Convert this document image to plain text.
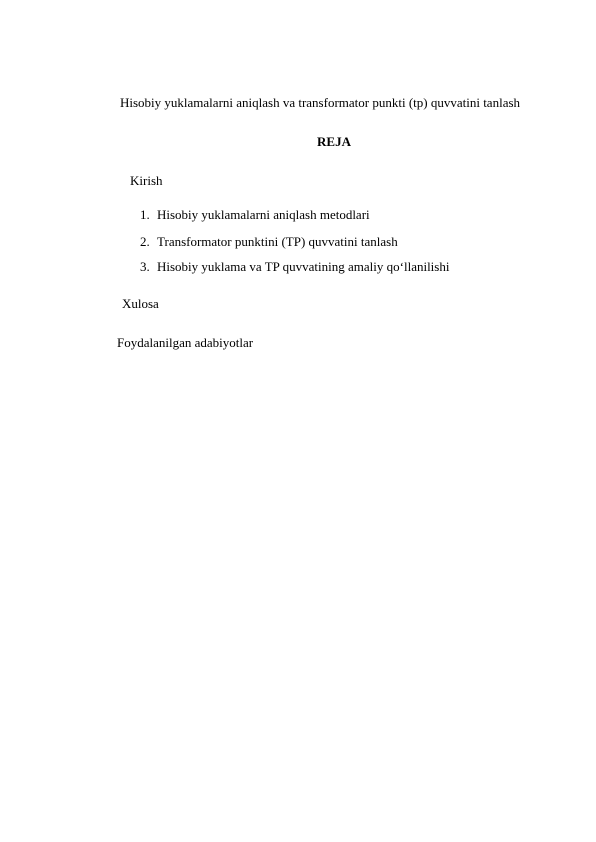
Hisobiy yuklamalarni aniqlash va transformator punkti (tp) quvvatini tanlash
REJA
Kirish
1. Hisobiy yuklamalarni aniqlash metodlari
2. Transformator punktini (TP) quvvatini tanlash
3. Hisobiy yuklama va TP quvvatining amaliy qo‘llanilishi
Xulosa
Foydalanilgan adabiyotlar
